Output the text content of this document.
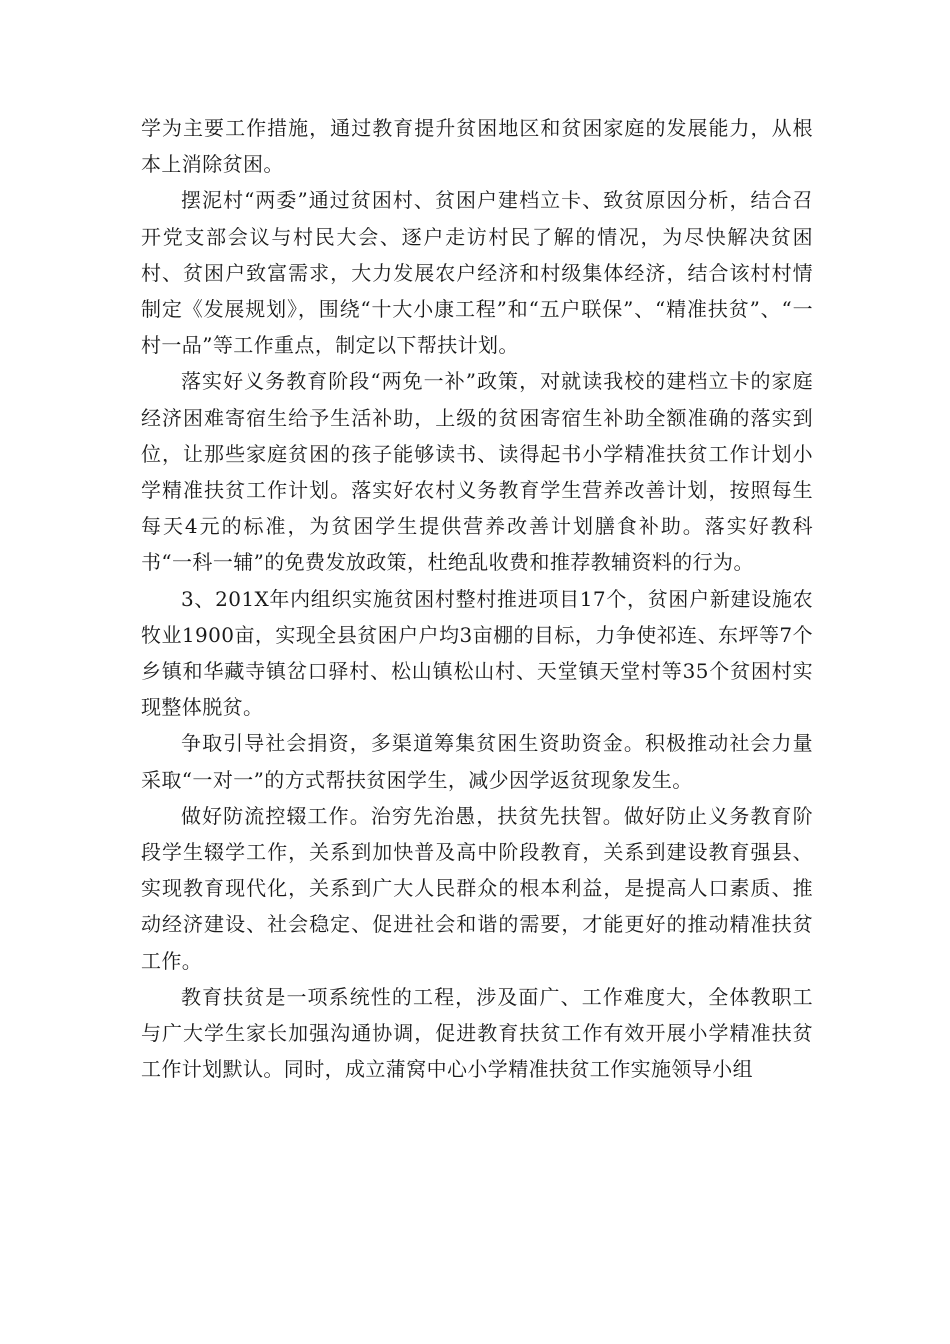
学为主要工作措施，通过教育提升贫困地区和贫困家庭的发展能力，从根本上消除贫困。

摆泥村“两委”通过贫困村、贫困户建档立卡、致贫原因分析，结合召开党支部会议与村民大会、逐户走访村民了解的情况，为尽快解决贫困村、贫困户致富需求，大力发展农户经济和村级集体经济，结合该村村情制定《发展规划》，围绕“十大小康工程”和“五户联保”、“精准扶贫”、“一村一品”等工作重点，制定以下帮扶计划。

落实好义务教育阶段“两免一补”政策，对就读我校的建档立卡的家庭经济困难寄宿生给予生活补助，上级的贫困寄宿生补助全额准确的落实到位，让那些家庭贫困的孩子能够读书、读得起书小学精准扶贫工作计划小学精准扶贫工作计划。落实好农村义务教育学生营养改善计划，按照每生每天4元的标准，为贫困学生提供营养改善计划膳食补助。落实好教科书“一科一辅”的免费发放政策，杜绝乱收费和推荐教辅资料的行为。

3、201X年内组织实施贫困村整村推进项目17个，贫困户新建设施农牧业1900亩，实现全县贫困户户均3亩棚的目标，力争使祁连、东坪等7个乡镇和华藏寺镇岔口驿村、松山镇松山村、天堂镇天堂村等35个贫困村实现整体脱贫。

争取引导社会捐资，多渠道筹集贫困生资助资金。积极推动社会力量采取“一对一”的方式帮扶贫困学生，减少因学返贫现象发生。

做好防流控辍工作。治穷先治愚，扶贫先扶智。做好防止义务教育阶段学生辍学工作，关系到加快普及高中阶段教育，关系到建设教育强县、实现教育现代化，关系到广大人民群众的根本利益，是提高人口素质、推动经济建设、社会稳定、促进社会和谐的需要，才能更好的推动精准扶贫工作。

教育扶贫是一项系统性的工程，涉及面广、工作难度大，全体教职工与广大学生家长加强沟通协调，促进教育扶贫工作有效开展小学精准扶贫工作计划默认。同时，成立蒲窝中心小学精准扶贫工作实施领导小组
